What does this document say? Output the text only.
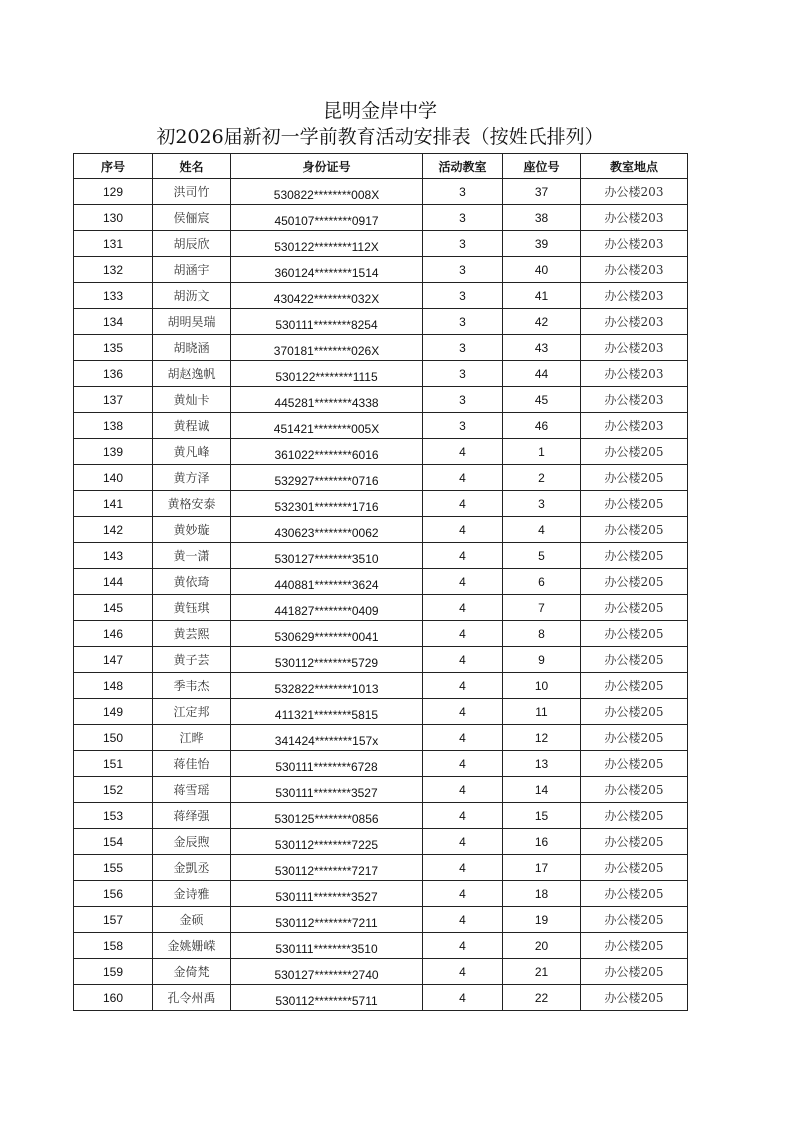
昆明金岸中学
初2026届新初一学前教育活动安排表（按姓氏排列）
序号	姓名	身份证号	活动教室	座位号	教室地点
129	洪司竹	530822********008X	3	37	办公楼203
130	侯俪宸	450107********0917	3	38	办公楼203
131	胡辰欣	530122********112X	3	39	办公楼203
132	胡涵宇	360124********1514	3	40	办公楼203
133	胡沥文	430422********032X	3	41	办公楼203
134	胡明昊瑞	530111********8254	3	42	办公楼203
135	胡晓涵	370181********026X	3	43	办公楼203
136	胡赵逸帆	530122********1115	3	44	办公楼203
137	黄灿卡	445281********4338	3	45	办公楼203
138	黄程诚	451421********005X	3	46	办公楼203
139	黄凡峰	361022********6016	4	1	办公楼205
140	黄方泽	532927********0716	4	2	办公楼205
141	黄格安泰	532301********1716	4	3	办公楼205
142	黄妙璇	430623********0062	4	4	办公楼205
143	黄一潇	530127********3510	4	5	办公楼205
144	黄依琦	440881********3624	4	6	办公楼205
145	黄钰琪	441827********0409	4	7	办公楼205
146	黄芸熙	530629********0041	4	8	办公楼205
147	黄子芸	530112********5729	4	9	办公楼205
148	季韦杰	532822********1013	4	10	办公楼205
149	江定邦	411321********5815	4	11	办公楼205
150	江晔	341424********157x	4	12	办公楼205
151	蒋佳怡	530111********6728	4	13	办公楼205
152	蒋雪瑶	530111********3527	4	14	办公楼205
153	蒋绎强	530125********0856	4	15	办公楼205
154	金辰煦	530112********7225	4	16	办公楼205
155	金凱丞	530112********7217	4	17	办公楼205
156	金诗雅	530111********3527	4	18	办公楼205
157	金硕	530112********7211	4	19	办公楼205
158	金姚姗嵘	530111********3510	4	20	办公楼205
159	金倚梵	530127********2740	4	21	办公楼205
160	孔令州禹	530112********5711	4	22	办公楼205
